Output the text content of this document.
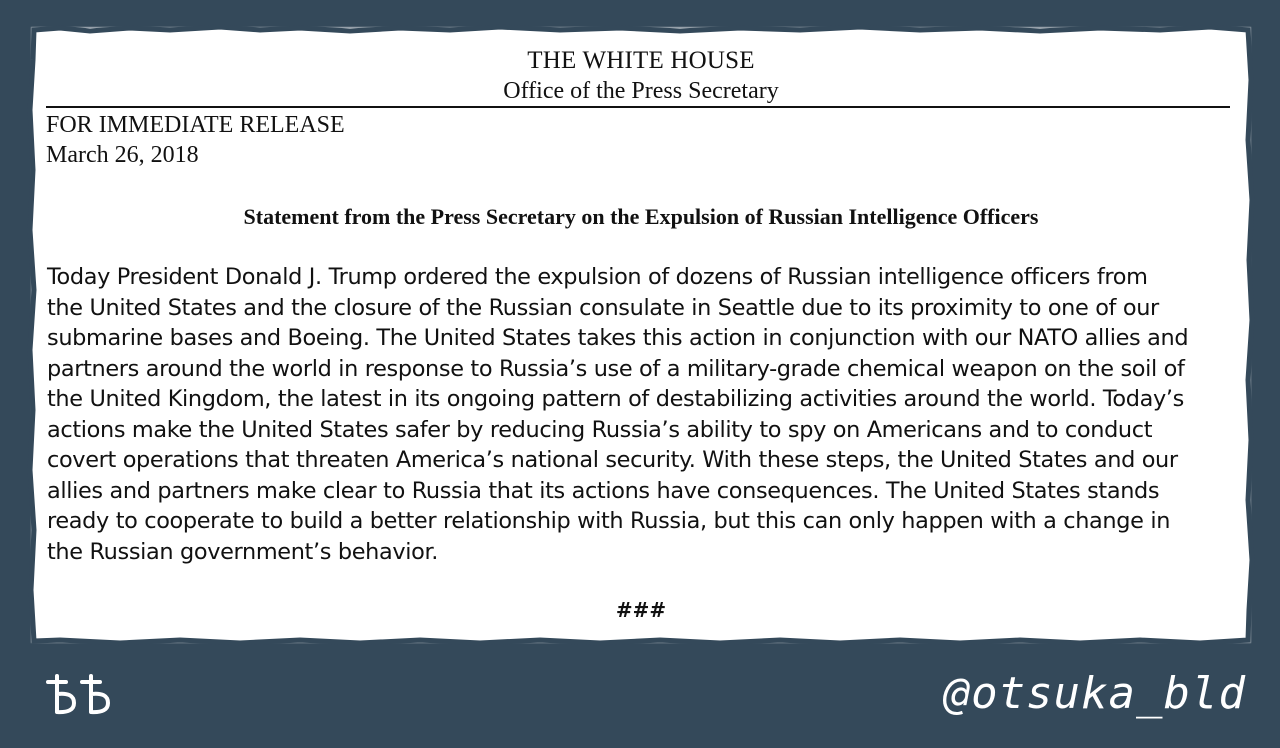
THE WHITE HOUSE
Office of the Press Secretary
FOR IMMEDIATE RELEASE
March 26, 2018
Statement from the Press Secretary on the Expulsion of Russian Intelligence Officers
Today President Donald J. Trump ordered the expulsion of dozens of Russian intelligence officers from
the United States and the closure of the Russian consulate in Seattle due to its proximity to one of our
submarine bases and Boeing. The United States takes this action in conjunction with our NATO allies and
partners around the world in response to Russia’s use of a military-grade chemical weapon on the soil of
the United Kingdom, the latest in its ongoing pattern of destabilizing activities around the world. Today’s
actions make the United States safer by reducing Russia’s ability to spy on Americans and to conduct
covert operations that threaten America’s national security. With these steps, the United States and our
allies and partners make clear to Russia that its actions have consequences. The United States stands
ready to cooperate to build a better relationship with Russia, but this can only happen with a change in
the Russian government’s behavior.
###
@otsuka_bld
